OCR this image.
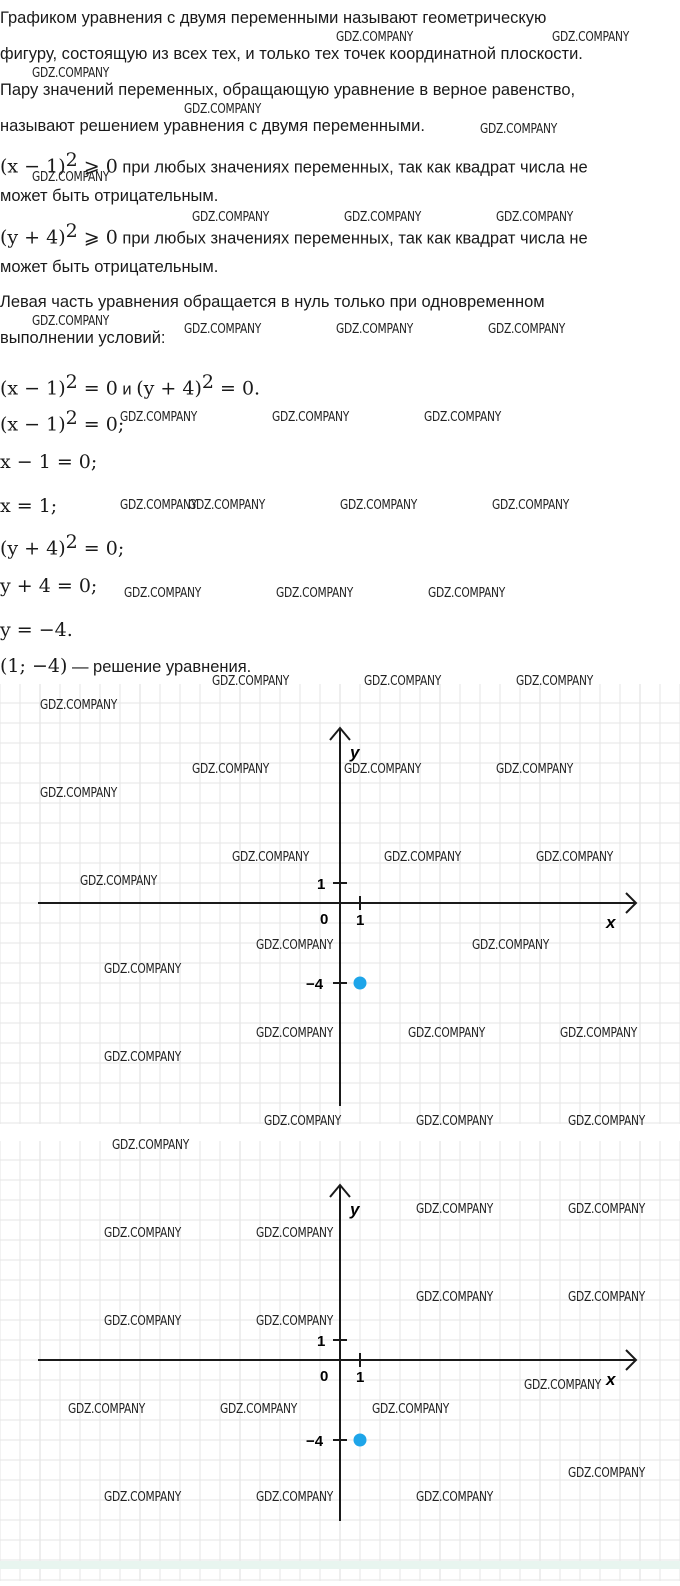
Графиком уравнения с двумя переменными называют геометрическую
фигуру, состоящую из всех тех, и только тех точек координатной плоскости.
Пару значений переменных, обращающую уравнение в верное равенство,
называют решением уравнения с двумя переменными.
$(x - 1)^2$ ⩾ 0 при любых значениях переменных, так как квадрат числа не
может быть отрицательным.
$(y + 4)^2$ ⩾ 0 при любых значениях переменных, так как квадрат числа не
может быть отрицательным.
Левая часть уравнения обращается в нуль только при одновременном
выполнении условий:
$(x - 1)^2 = 0$ и $(y + 4)^2 = 0$.
$(x - 1)^2 = 0$;
x − 1 = 0;
x = 1;
$(y + 4)^2 = 0$;
y + 4 = 0;
y = −4.
(1; −4) — решение уравнения.
y
x
0 1
1
−4
y
x
0 1
1
−4
GDZ.COMPANY	GDZ.COMPANY
GDZ.COMPANY
GDZ.COMPANY
GDZ.COMPANY
GDZ.COMPANY
GDZ.COMPANY	GDZ.COMPANY	GDZ.COMPANY
GDZ.COMPANY
GDZ.COMPANY	GDZ.COMPANY	GDZ.COMPANY
GDZ.COMPANY	GDZ.COMPANY	GDZ.COMPANY
GDZ.COMPANY
GDZ.COMPANY	GDZ.COMPANY	GDZ.COMPANY
GDZ.COMPANY	GDZ.COMPANY	GDZ.COMPANY
GDZ.COMPANY	GDZ.COMPANY	GDZ.COMPANY
GDZ.COMPANY
GDZ.COMPANY	GDZ.COMPANY	GDZ.COMPANY
GDZ.COMPANY
GDZ.COMPANY	GDZ.COMPANY	GDZ.COMPANY
GDZ.COMPANY
GDZ.COMPANY	GDZ.COMPANY
GDZ.COMPANY
GDZ.COMPANY	GDZ.COMPANY	GDZ.COMPANY
GDZ.COMPANY
GDZ.COMPANY	GDZ.COMPANY	GDZ.COMPANY
GDZ.COMPANY
GDZ.COMPANY	GDZ.COMPANY
GDZ.COMPANY	GDZ.COMPANY
GDZ.COMPANY	GDZ.COMPANY
GDZ.COMPANY	GDZ.COMPANY
GDZ.COMPANY
GDZ.COMPANY	GDZ.COMPANY	GDZ.COMPANY
GDZ.COMPANY
GDZ.COMPANY	GDZ.COMPANY	GDZ.COMPANY
